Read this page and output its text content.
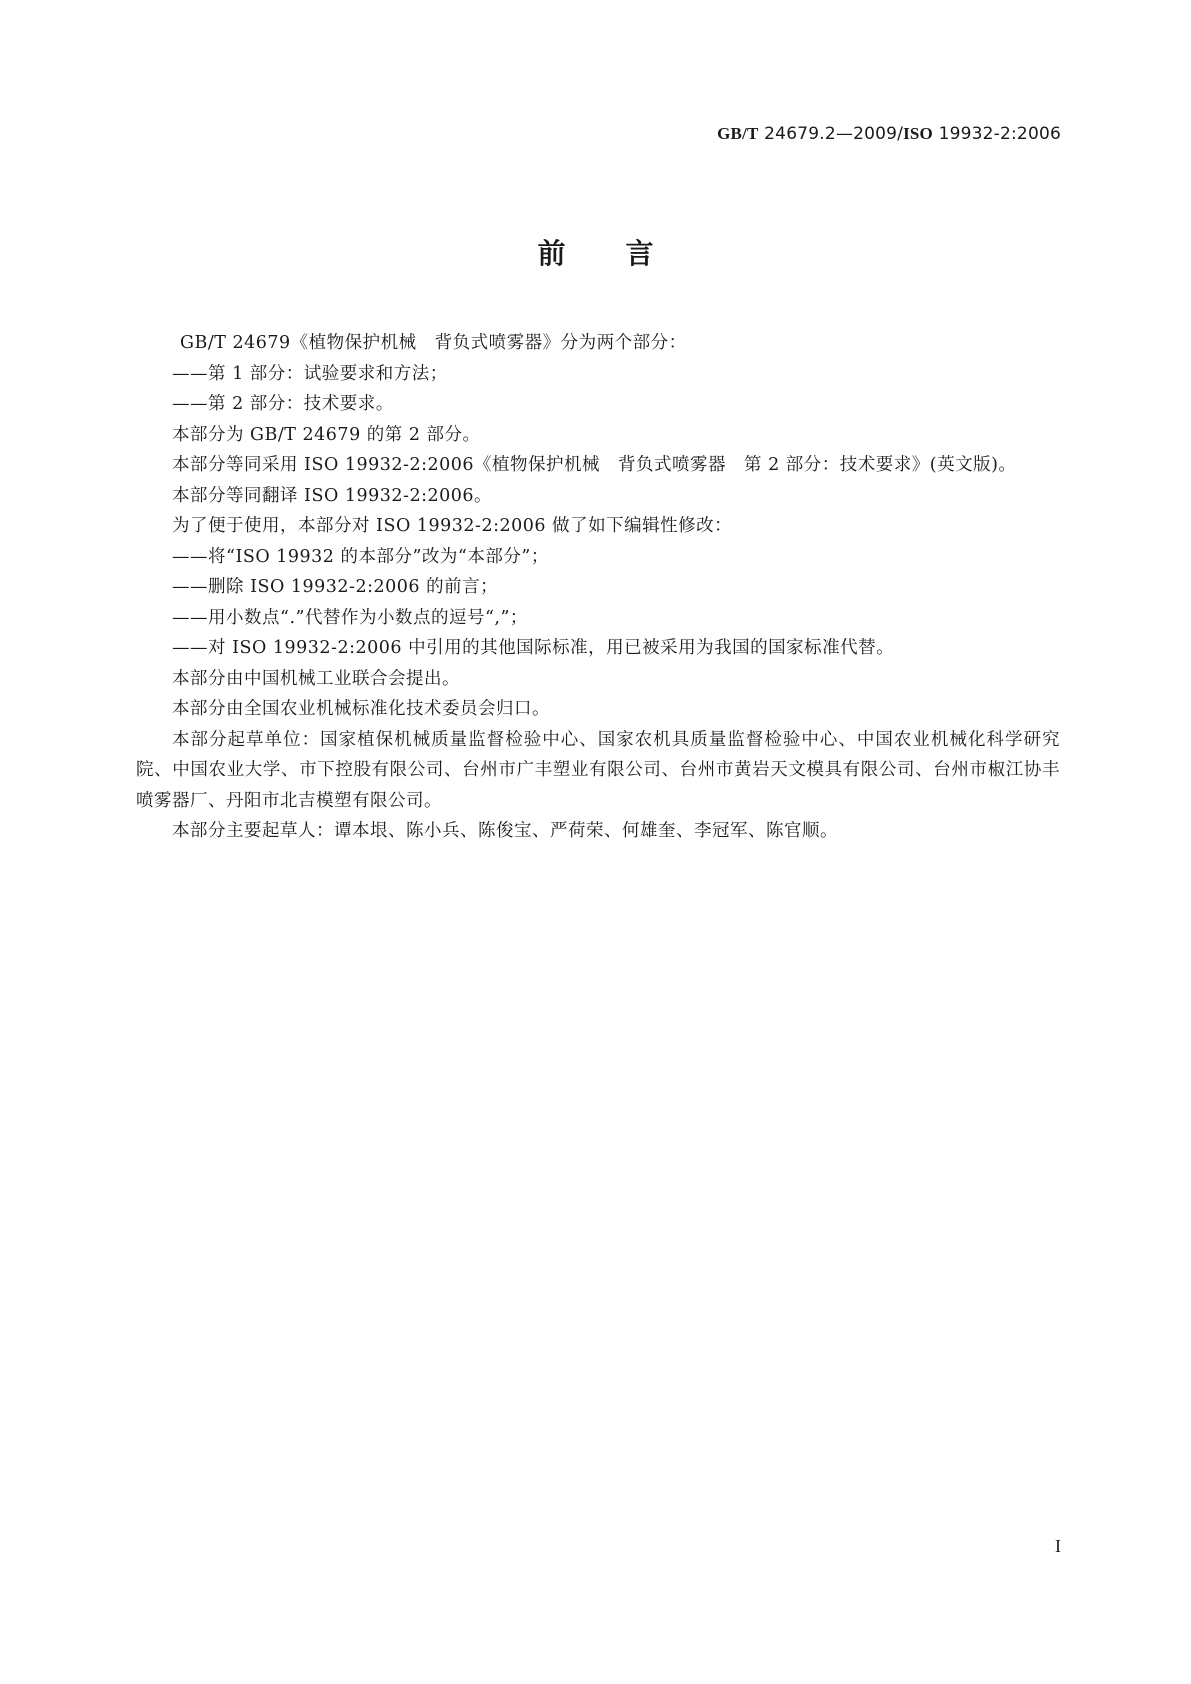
GB/T 24679.2—2009/ISO 19932-2:2006
前言

GB/T 24679《植物保护机械　背负式喷雾器》分为两个部分：

——第 1 部分：试验要求和方法；

——第 2 部分：技术要求。

本部分为 GB/T 24679 的第 2 部分。

本部分等同采用 ISO 19932-2:2006《植物保护机械　背负式喷雾器　第 2 部分：技术要求》(英文版)。

本部分等同翻译 ISO 19932-2:2006。

为了便于使用，本部分对 ISO 19932-2:2006 做了如下编辑性修改：

——将“ISO 19932 的本部分”改为“本部分”；

——删除 ISO 19932-2:2006 的前言；

——用小数点“.”代替作为小数点的逗号“,”；

——对 ISO 19932-2:2006 中引用的其他国际标准，用已被采用为我国的国家标准代替。

本部分由中国机械工业联合会提出。

本部分由全国农业机械标准化技术委员会归口。

本部分起草单位：国家植保机械质量监督检验中心、国家农机具质量监督检验中心、中国农业机械化科学研究院、中国农业大学、市下控股有限公司、台州市广丰塑业有限公司、台州市黄岩天文模具有限公司、台州市椒江协丰喷雾器厂、丹阳市北吉模塑有限公司。

本部分主要起草人：谭本垠、陈小兵、陈俊宝、严荷荣、何雄奎、李冠军、陈官顺。

I
